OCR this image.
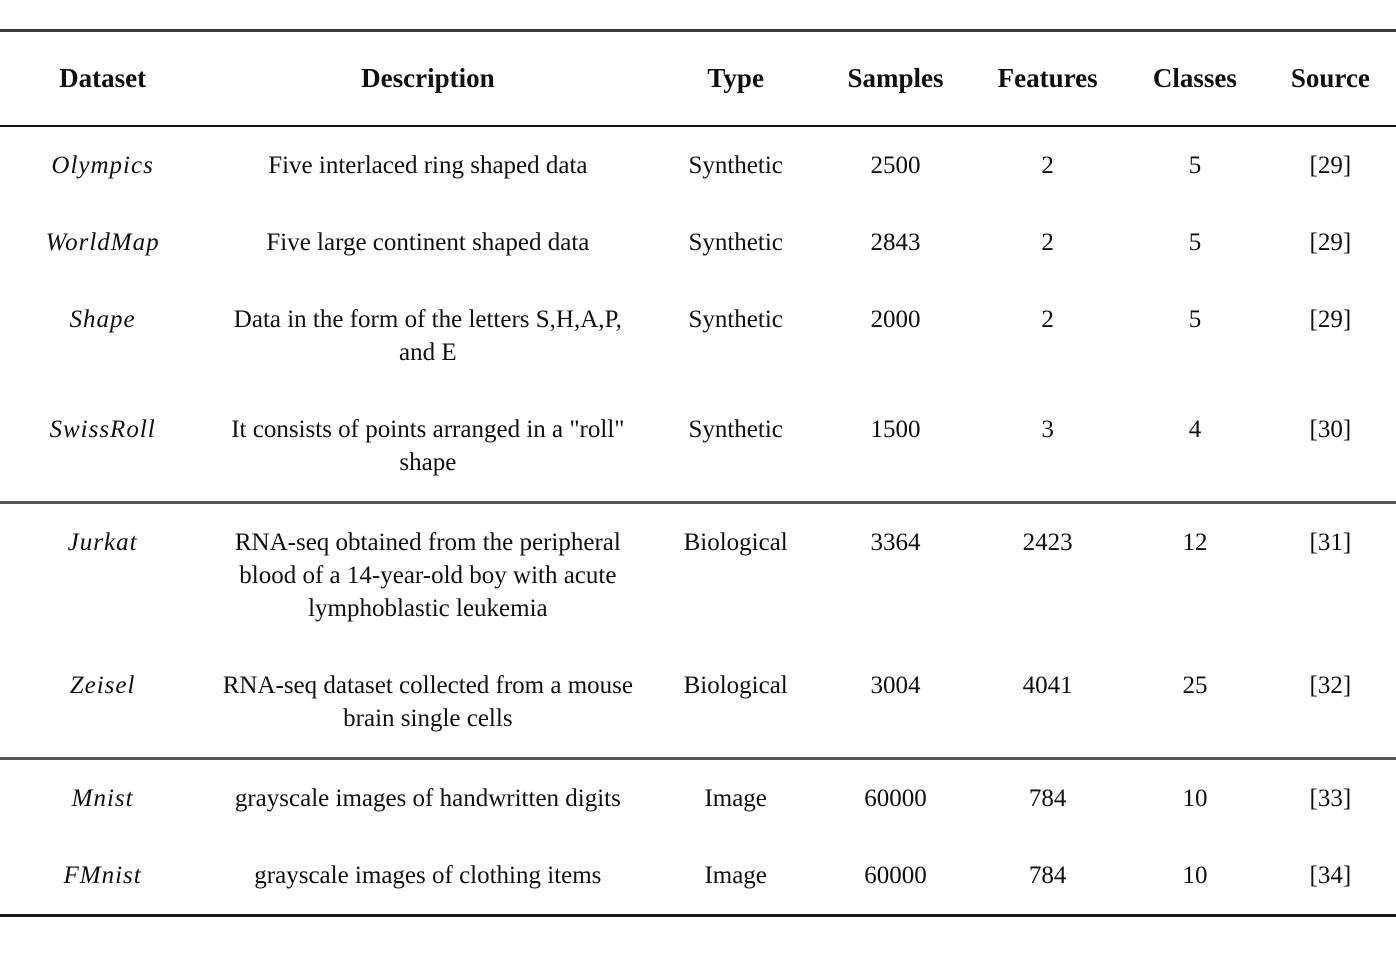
Dataset	Description	Type	Samples	Features	Classes	Source
Olympics	Five interlaced ring shaped data	Synthetic	2500	2	5	[29]
WorldMap	Five large continent shaped data	Synthetic	2843	2	5	[29]
Shape	Data in the form of the letters S,H,A,P, and E	Synthetic	2000	2	5	[29]
SwissRoll	It consists of points arranged in a "roll" shape	Synthetic	1500	3	4	[30]
Jurkat	RNA-seq obtained from the peripheral blood of a 14-year-old boy with acute lymphoblastic leukemia	Biological	3364	2423	12	[31]
Zeisel	RNA-seq dataset collected from a mouse brain single cells	Biological	3004	4041	25	[32]
Mnist	grayscale images of handwritten digits	Image	60000	784	10	[33]
FMnist	grayscale images of clothing items	Image	60000	784	10	[34]
